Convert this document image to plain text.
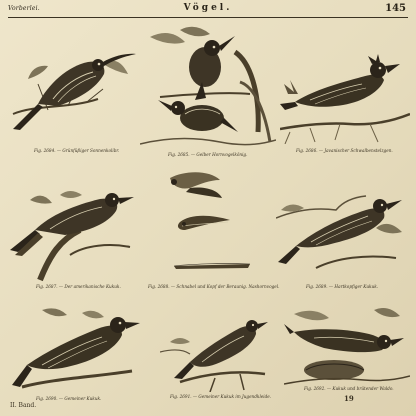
Vorberlei.	Vögel.	145
Fig. 2684. — Grünfüßiger Sonnenkolibr.
Fig. 2685. — Gelber Hornvogelkönig.
Fig. 2686. — Javanischer Schwalbenstelzgen.
Fig. 2687. — Der amerikanische Kukuk.	Fig. 2688. — Schnabel und Kopf der Beraunig. Nashornvogel.	Fig. 2689. — Hartkopfiger Kukuk.
Fig. 2690. — Gemeiner Kukuk.	Fig. 2691. — Gemeiner Kukuk im Jugendkleide.
Fig. 2692. — Kukuk und brütender Waldo.
II. Band.
19
